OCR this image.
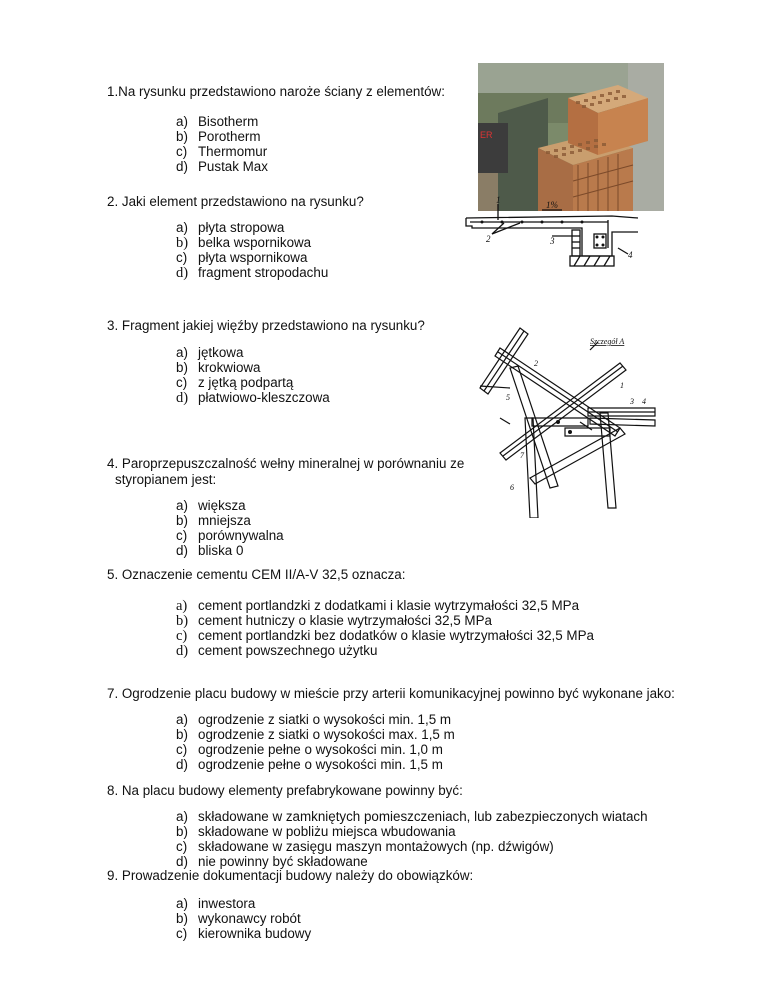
1.Na rysunku przedstawiono naroże ściany z elementów:
a) Bisotherm
b) Porotherm
c) Thermomur
d) Pustak Max
ER
2. Jaki element przedstawiono na rysunku?
a) płyta stropowa
b) belka wspornikowa
c) płyta wspornikowa
d) fragment stropodachu
1	1%
2	3
4
3. Fragment jakiej więźby przedstawiono na rysunku?
a) jętkowa
b) krokwiowa
c) z jętką podpartą
d) płatwiowo-kleszczowa
Szczegół A
1
2
3 4
5
6
7
4. Paroprzepuszczalność wełny mineralnej w porównaniu ze
styropianem jest:
a) większa
b) mniejsza
c) porównywalna
d) bliska 0
5. Oznaczenie cementu CEM II/A-V 32,5 oznacza:
a) cement portlandzki z dodatkami i klasie wytrzymałości 32,5 MPa
b) cement hutniczy o klasie wytrzymałości 32,5 MPa
c) cement portlandzki bez dodatków o klasie wytrzymałości 32,5 MPa
d) cement powszechnego użytku
7. Ogrodzenie placu budowy w mieście przy arterii komunikacyjnej powinno być wykonane jako:
a) ogrodzenie z siatki o wysokości min. 1,5 m
b) ogrodzenie z siatki o wysokości max. 1,5 m
c) ogrodzenie pełne o wysokości min. 1,0 m
d) ogrodzenie pełne o wysokości min. 1,5 m
8. Na placu budowy elementy prefabrykowane powinny być:
a) składowane w zamkniętych pomieszczeniach, lub zabezpieczonych wiatach
b) składowane w pobliżu miejsca wbudowania
c) składowane w zasięgu maszyn montażowych (np. dźwigów)
d) nie powinny być składowane
9. Prowadzenie dokumentacji budowy należy do obowiązków:
a) inwestora
b) wykonawcy robót
c) kierownika budowy
